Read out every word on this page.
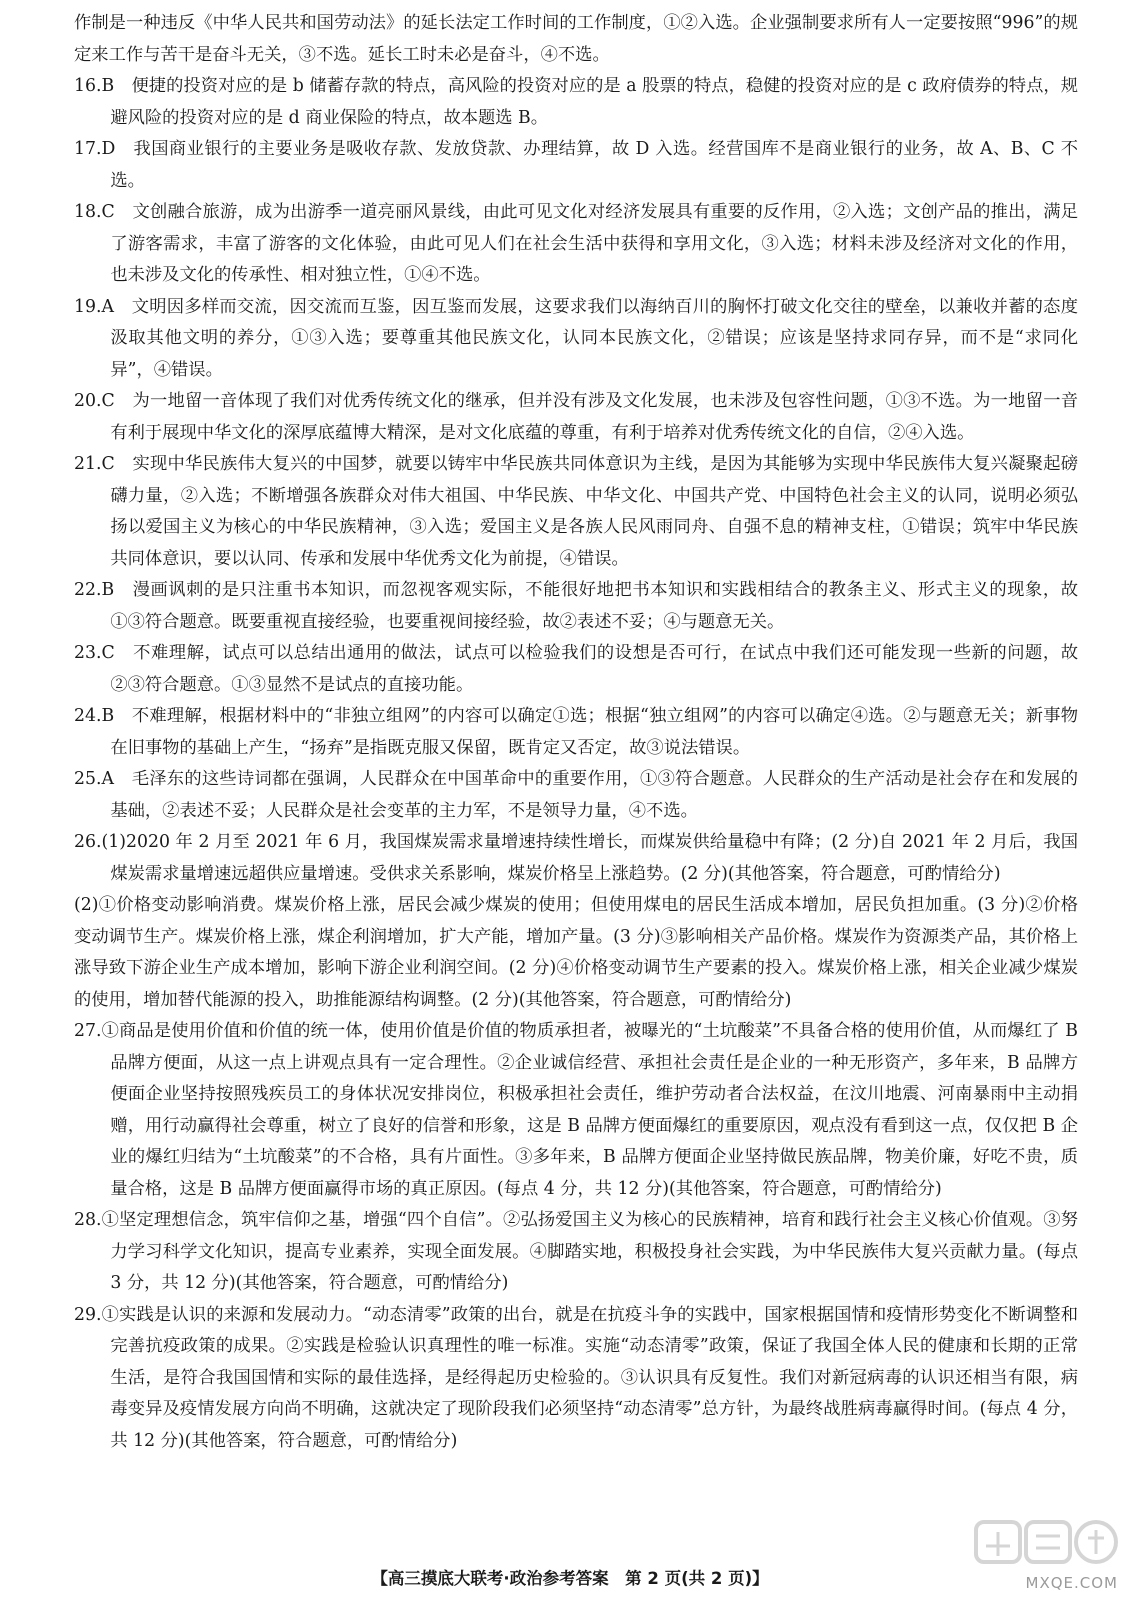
作制是一种违反《中华人民共和国劳动法》的延长法定工作时间的工作制度，①②入选。企业强制要求所有人一定要按照“996”的规定来工作与苦干是奋斗无关，③不选。延长工时未必是奋斗，④不选。

16.B　便捷的投资对应的是 b 储蓄存款的特点，高风险的投资对应的是 a 股票的特点，稳健的投资对应的是 c 政府债券的特点，规避风险的投资对应的是 d 商业保险的特点，故本题选 B。

17.D　我国商业银行的主要业务是吸收存款、发放贷款、办理结算，故 D 入选。经营国库不是商业银行的业务，故 A、B、C 不选。

18.C　文创融合旅游，成为出游季一道亮丽风景线，由此可见文化对经济发展具有重要的反作用，②入选；文创产品的推出，满足了游客需求，丰富了游客的文化体验，由此可见人们在社会生活中获得和享用文化，③入选；材料未涉及经济对文化的作用，也未涉及文化的传承性、相对独立性，①④不选。

19.A　文明因多样而交流，因交流而互鉴，因互鉴而发展，这要求我们以海纳百川的胸怀打破文化交往的壁垒，以兼收并蓄的态度汲取其他文明的养分，①③入选；要尊重其他民族文化，认同本民族文化，②错误；应该是坚持求同存异，而不是“求同化异”，④错误。

20.C　为一地留一音体现了我们对优秀传统文化的继承，但并没有涉及文化发展，也未涉及包容性问题，①③不选。为一地留一音有利于展现中华文化的深厚底蕴博大精深，是对文化底蕴的尊重，有利于培养对优秀传统文化的自信，②④入选。

21.C　实现中华民族伟大复兴的中国梦，就要以铸牢中华民族共同体意识为主线，是因为其能够为实现中华民族伟大复兴凝聚起磅礴力量，②入选；不断增强各族群众对伟大祖国、中华民族、中华文化、中国共产党、中国特色社会主义的认同，说明必须弘扬以爱国主义为核心的中华民族精神，③入选；爱国主义是各族人民风雨同舟、自强不息的精神支柱，①错误；筑牢中华民族共同体意识，要以认同、传承和发展中华优秀文化为前提，④错误。

22.B　漫画讽刺的是只注重书本知识，而忽视客观实际，不能很好地把书本知识和实践相结合的教条主义、形式主义的现象，故①③符合题意。既要重视直接经验，也要重视间接经验，故②表述不妥；④与题意无关。

23.C　不难理解，试点可以总结出通用的做法，试点可以检验我们的设想是否可行，在试点中我们还可能发现一些新的问题，故②③符合题意。①③显然不是试点的直接功能。

24.B　不难理解，根据材料中的“非独立组网”的内容可以确定①选；根据“独立组网”的内容可以确定④选。②与题意无关；新事物在旧事物的基础上产生，“扬弃”是指既克服又保留，既肯定又否定，故③说法错误。

25.A　毛泽东的这些诗词都在强调，人民群众在中国革命中的重要作用，①③符合题意。人民群众的生产活动是社会存在和发展的基础，②表述不妥；人民群众是社会变革的主力军，不是领导力量，④不选。

26.(1)2020 年 2 月至 2021 年 6 月，我国煤炭需求量增速持续性增长，而煤炭供给量稳中有降；(2 分)自 2021 年 2 月后，我国煤炭需求量增速远超供应量增速。受供求关系影响，煤炭价格呈上涨趋势。(2 分)(其他答案，符合题意，可酌情给分)

(2)①价格变动影响消费。煤炭价格上涨，居民会减少煤炭的使用；但使用煤电的居民生活成本增加，居民负担加重。(3 分)②价格变动调节生产。煤炭价格上涨，煤企利润增加，扩大产能，增加产量。(3 分)③影响相关产品价格。煤炭作为资源类产品，其价格上涨导致下游企业生产成本增加，影响下游企业利润空间。(2 分)④价格变动调节生产要素的投入。煤炭价格上涨，相关企业减少煤炭的使用，增加替代能源的投入，助推能源结构调整。(2 分)(其他答案，符合题意，可酌情给分)

27.①商品是使用价值和价值的统一体，使用价值是价值的物质承担者，被曝光的“土坑酸菜”不具备合格的使用价值，从而爆红了 B 品牌方便面，从这一点上讲观点具有一定合理性。②企业诚信经营、承担社会责任是企业的一种无形资产，多年来，B 品牌方便面企业坚持按照残疾员工的身体状况安排岗位，积极承担社会责任，维护劳动者合法权益，在汶川地震、河南暴雨中主动捐赠，用行动赢得社会尊重，树立了良好的信誉和形象，这是 B 品牌方便面爆红的重要原因，观点没有看到这一点，仅仅把 B 企业的爆红归结为“土坑酸菜”的不合格，具有片面性。③多年来，B 品牌方便面企业坚持做民族品牌，物美价廉，好吃不贵，质量合格，这是 B 品牌方便面赢得市场的真正原因。(每点 4 分，共 12 分)(其他答案，符合题意，可酌情给分)

28.①坚定理想信念，筑牢信仰之基，增强“四个自信”。②弘扬爱国主义为核心的民族精神，培育和践行社会主义核心价值观。③努力学习科学文化知识，提高专业素养，实现全面发展。④脚踏实地，积极投身社会实践，为中华民族伟大复兴贡献力量。(每点 3 分，共 12 分)(其他答案，符合题意，可酌情给分)

29.①实践是认识的来源和发展动力。“动态清零”政策的出台，就是在抗疫斗争的实践中，国家根据国情和疫情形势变化不断调整和完善抗疫政策的成果。②实践是检验认识真理性的唯一标准。实施“动态清零”政策，保证了我国全体人民的健康和长期的正常生活，是符合我国国情和实际的最佳选择，是经得起历史检验的。③认识具有反复性。我们对新冠病毒的认识还相当有限，病毒变异及疫情发展方向尚不明确，这就决定了现阶段我们必须坚持“动态清零”总方针，为最终战胜病毒赢得时间。(每点 4 分，共 12 分)(其他答案，符合题意，可酌情给分)

【高三摸底大联考·政治参考答案　第 2 页(共 2 页)】	MXQE.COM
